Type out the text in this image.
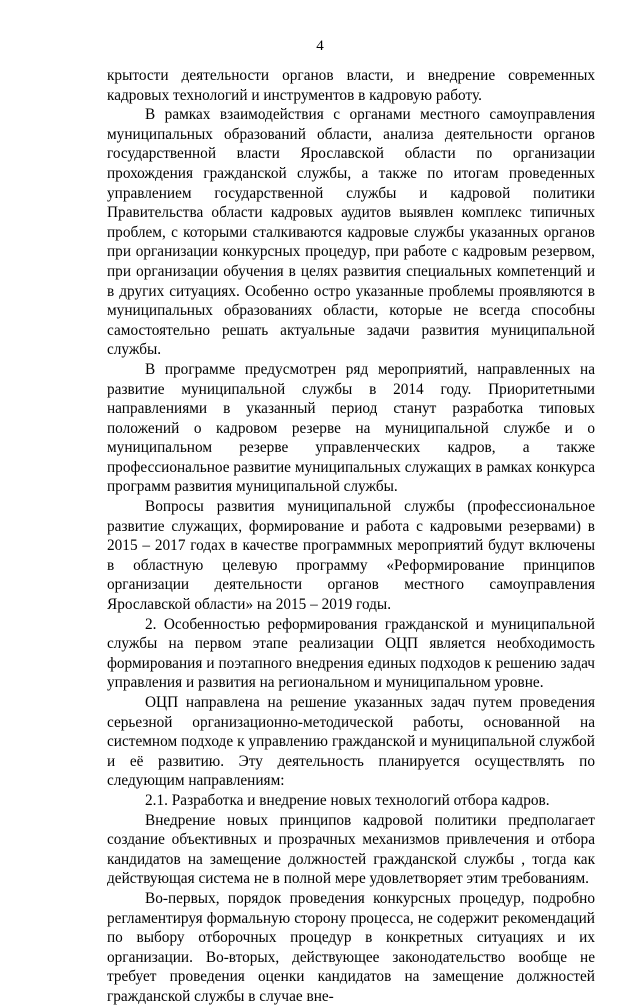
4

крытости деятельности органов власти, и внедрение современных кадровых технологий и инструментов в кадровую работу.

В рамках взаимодействия с органами местного самоуправления муниципальных образований области, анализа деятельности органов государственной власти Ярославской области по организации прохождения гражданской службы, а также по итогам проведенных управлением государственной службы и кадровой политики Правительства области кадровых аудитов выявлен комплекс типичных проблем, с которыми сталкиваются кадровые службы указанных органов при организации конкурсных процедур, при работе с кадровым резервом, при организации обучения в целях развития специальных компетенций и в других ситуациях. Особенно остро указанные проблемы проявляются в муниципальных образованиях области, которые не всегда способны самостоятельно решать актуальные задачи развития муниципальной службы.

В программе предусмотрен ряд мероприятий, направленных на развитие муниципальной службы в 2014 году. Приоритетными направлениями в указанный период станут разработка типовых положений о кадровом резерве на муниципальной службе и о муниципальном резерве управленческих кадров, а также профессиональное развитие муниципальных служащих в рамках конкурса программ развития муниципальной службы.

Вопросы развития муниципальной службы (профессиональное развитие служащих, формирование и работа с кадровыми резервами) в 2015 – 2017 годах в качестве программных мероприятий будут включены в областную целевую программу «Реформирование принципов организации деятельности органов местного самоуправления Ярославской области» на 2015 – 2019 годы.

2. Особенностью реформирования гражданской и муниципальной службы на первом этапе реализации ОЦП является необходимость формирования и поэтапного внедрения единых подходов к решению задач управления и развития на региональном и муниципальном уровне.

ОЦП направлена на решение указанных задач путем проведения серьезной организационно-методической работы, основанной на системном подходе к управлению гражданской и муниципальной службой и её развитию. Эту деятельность планируется осуществлять по следующим направлениям:

2.1. Разработка и внедрение новых технологий отбора кадров.

Внедрение новых принципов кадровой политики предполагает создание объективных и прозрачных механизмов привлечения и отбора кандидатов на замещение должностей гражданской службы , тогда как действующая система не в полной мере удовлетворяет этим требованиям.

Во-первых, порядок проведения конкурсных процедур, подробно регламентируя формальную сторону процесса, не содержит рекомендаций по выбору отборочных процедур в конкретных ситуациях и их организации. Во-вторых, действующее законодательство вообще не требует проведения оценки кандидатов на замещение должностей гражданской службы в случае вне-
